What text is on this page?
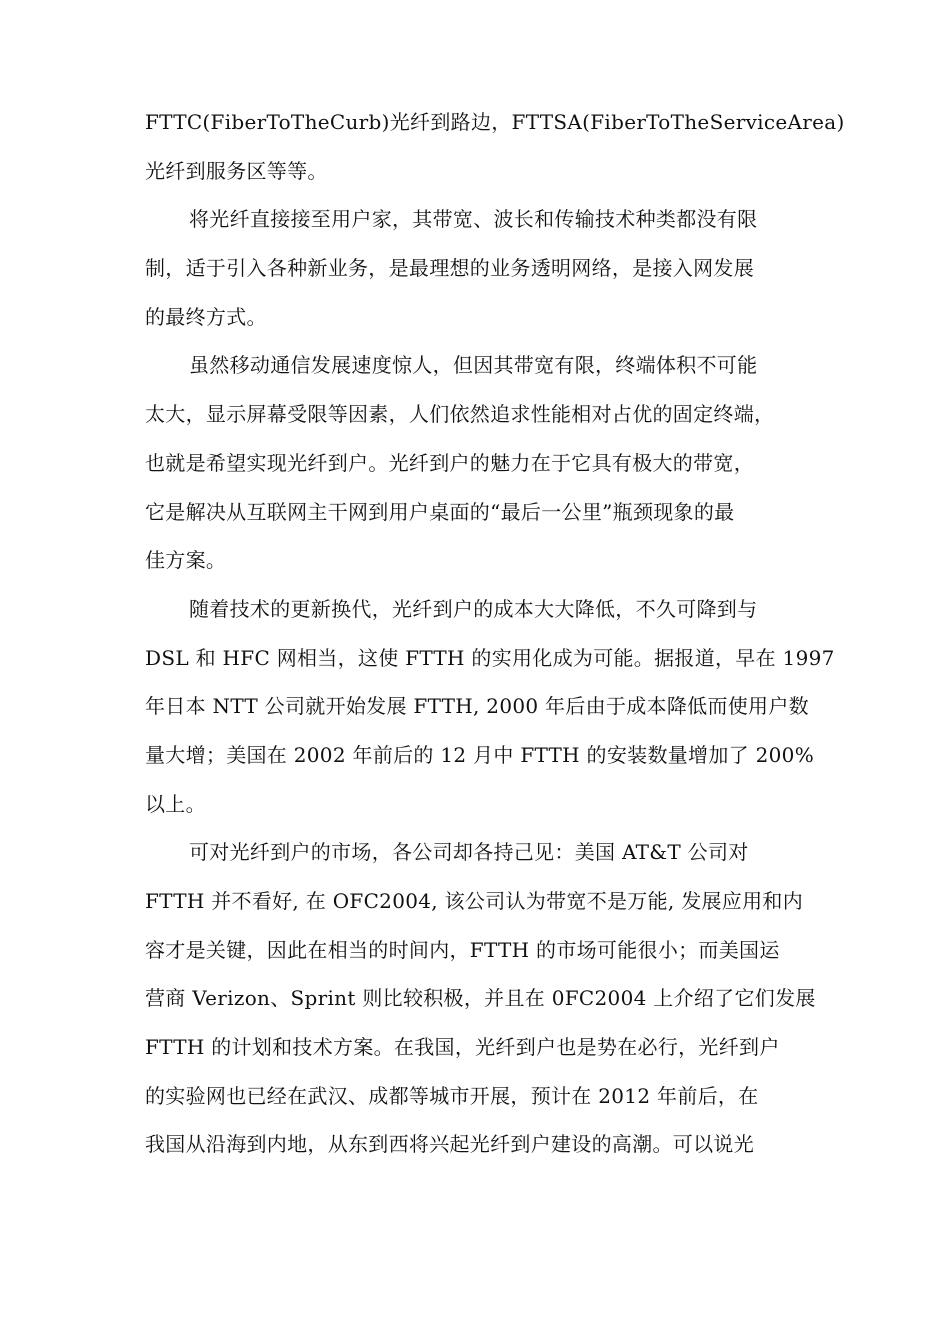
FTTC(FiberToTheCurb)光纤到路边，FTTSA(FiberToTheServiceArea)
光纤到服务区等等。
将光纤直接接至用户家，其带宽、波长和传输技术种类都没有限
制，适于引入各种新业务，是最理想的业务透明网络，是接入网发展
的最终方式。
虽然移动通信发展速度惊人，但因其带宽有限，终端体积不可能
太大，显示屏幕受限等因素，人们依然追求性能相对占优的固定终端，
也就是希望实现光纤到户。光纤到户的魅力在于它具有极大的带宽，
它是解决从互联网主干网到用户桌面的“最后一公里”瓶颈现象的最
佳方案。
随着技术的更新换代，光纤到户的成本大大降低，不久可降到与
DSL 和 HFC 网相当，这使 FTTH 的实用化成为可能。据报道，早在 1997
年日本 NTT 公司就开始发展 FTTH, 2000 年后由于成本降低而使用户数
量大增；美国在 2002 年前后的 12 月中 FTTH 的安装数量增加了 200%
以上。
可对光纤到户的市场，各公司却各持己见：美国 AT&T 公司对
FTTH 并不看好, 在 OFC2004, 该公司认为带宽不是万能, 发展应用和内
容才是关键，因此在相当的时间内，FTTH 的市场可能很小；而美国运
营商 Verizon、Sprint 则比较积极，并且在 0FC2004 上介绍了它们发展
FTTH 的计划和技术方案。在我国，光纤到户也是势在必行，光纤到户
的实验网也已经在武汉、成都等城市开展，预计在 2012 年前后，在
我国从沿海到内地，从东到西将兴起光纤到户建设的高潮。可以说光
